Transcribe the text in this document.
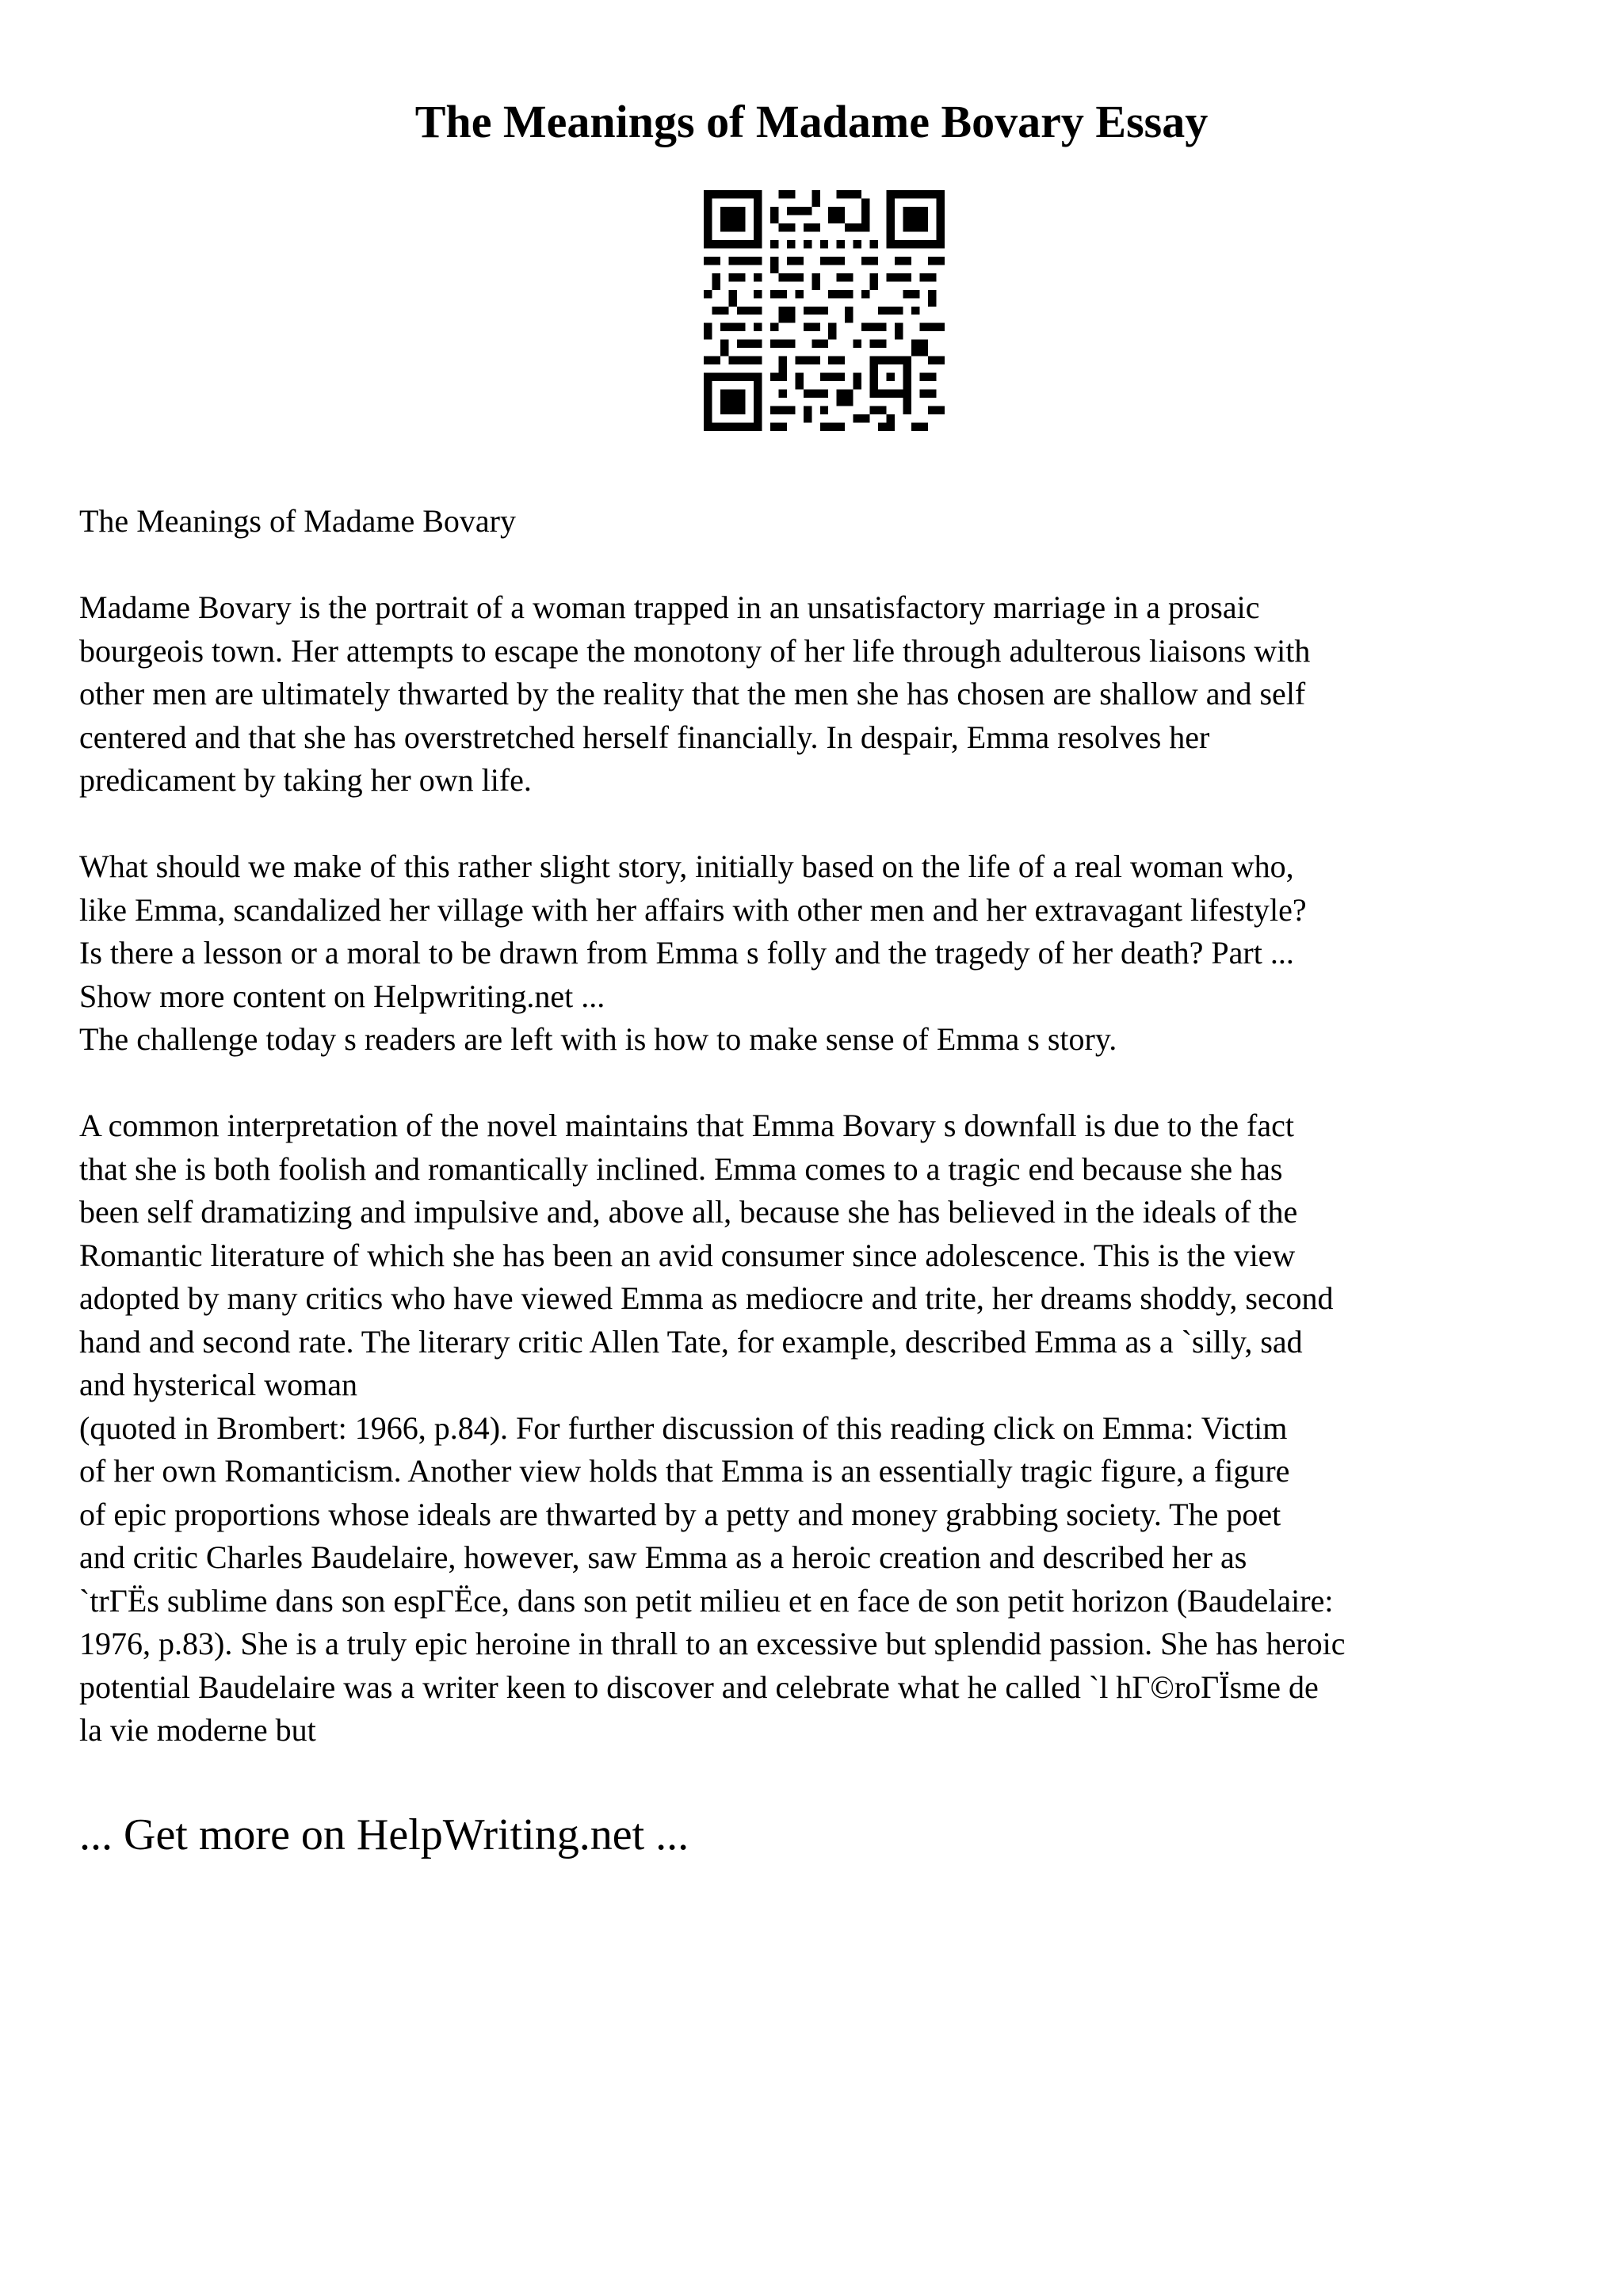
The Meanings of Madame Bovary Essay
The Meanings of Madame Bovary
Madame Bovary is the portrait of a woman trapped in an unsatisfactory marriage in a prosaic
bourgeois town. Her attempts to escape the monotony of her life through adulterous liaisons with
other men are ultimately thwarted by the reality that the men she has chosen are shallow and self
centered and that she has overstretched herself financially. In despair, Emma resolves her
predicament by taking her own life.
What should we make of this rather slight story, initially based on the life of a real woman who,
like Emma, scandalized her village with her affairs with other men and her extravagant lifestyle?
Is there a lesson or a moral to be drawn from Emma s folly and the tragedy of her death? Part ...
Show more content on Helpwriting.net ...
The challenge today s readers are left with is how to make sense of Emma s story.
A common interpretation of the novel maintains that Emma Bovary s downfall is due to the fact
that she is both foolish and romantically inclined. Emma comes to a tragic end because she has
been self dramatizing and impulsive and, above all, because she has believed in the ideals of the
Romantic literature of which she has been an avid consumer since adolescence. This is the view
adopted by many critics who have viewed Emma as mediocre and trite, her dreams shoddy, second
hand and second rate. The literary critic Allen Tate, for example, described Emma as a `silly, sad
and hysterical woman
(quoted in Brombert: 1966, p.84). For further discussion of this reading click on Emma: Victim
of her own Romanticism. Another view holds that Emma is an essentially tragic figure, a figure
of epic proportions whose ideals are thwarted by a petty and money grabbing society. The poet
and critic Charles Baudelaire, however, saw Emma as a heroic creation and described her as
`trΓËs sublime dans son espΓËce, dans son petit milieu et en face de son petit horizon (Baudelaire:
1976, p.83). She is a truly epic heroine in thrall to an excessive but splendid passion. She has heroic
potential Baudelaire was a writer keen to discover and celebrate what he called `l hΓ©roΓЇsme de
la vie moderne but
... Get more on HelpWriting.net ...
